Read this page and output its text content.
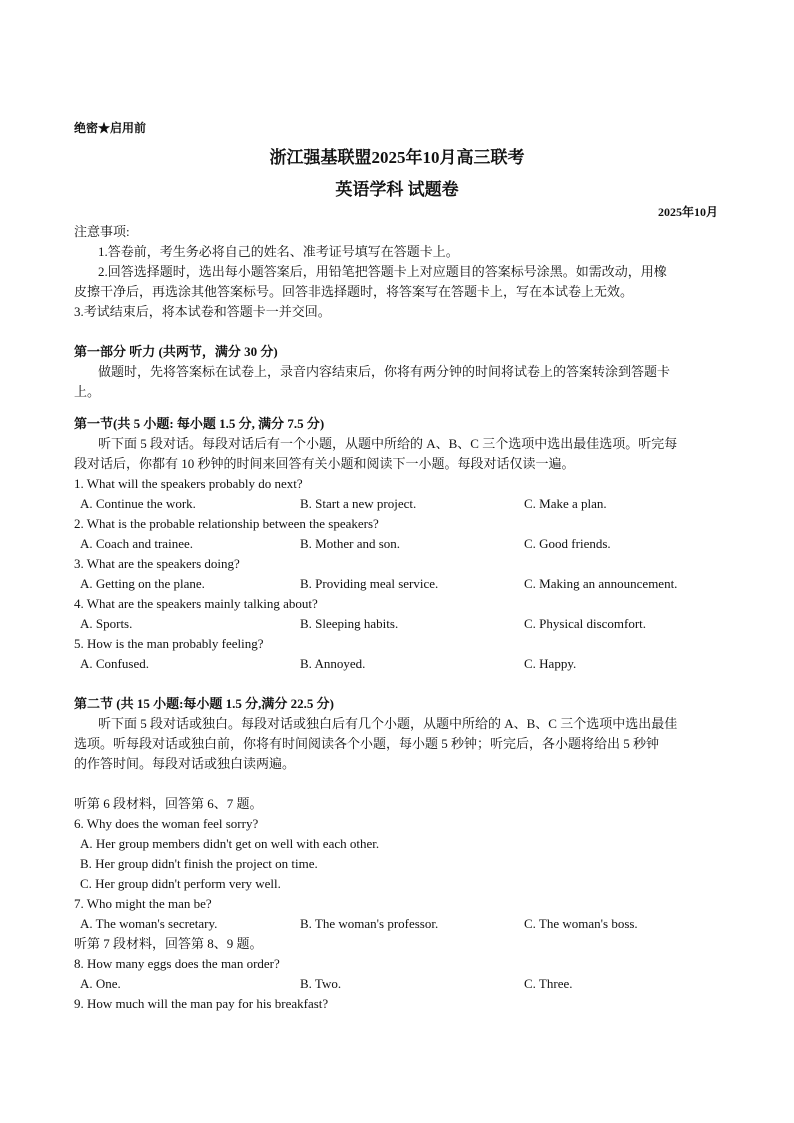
绝密★启用前
浙江强基联盟2025年10月高三联考
英语学科 试题卷
2025年10月
注意事项:
1.答卷前，考生务必将自己的姓名、准考证号填写在答题卡上。
2.回答选择题时，选出每小题答案后，用铅笔把答题卡上对应题目的答案标号涂黑。如需改动，用橡
皮擦干净后，再选涂其他答案标号。回答非选择题时，将答案写在答题卡上，写在本试卷上无效。
3.考试结束后，将本试卷和答题卡一并交回。
第一部分 听力 (共两节，满分 30 分)
做题时，先将答案标在试卷上，录音内容结束后，你将有两分钟的时间将试卷上的答案转涂到答题卡
上。
第一节(共 5 小题: 每小题 1.5 分, 满分 7.5 分)
听下面 5 段对话。每段对话后有一个小题，从题中所给的 A、B、C 三个选项中选出最佳选项。听完每
段对话后，你都有 10 秒钟的时间来回答有关小题和阅读下一小题。每段对话仅读一遍。
1. What will the speakers probably do next?
A. Continue the work.	B. Start a new project.	C. Make a plan.
2. What is the probable relationship between the speakers?
A. Coach and trainee.	B. Mother and son.	C. Good friends.
3. What are the speakers doing?
A. Getting on the plane.	B. Providing meal service.	C. Making an announcement.
4. What are the speakers mainly talking about?
A. Sports.	B. Sleeping habits.	C. Physical discomfort.
5. How is the man probably feeling?
A. Confused.	B. Annoyed.	C. Happy.
第二节 (共 15 小题:每小题 1.5 分,满分 22.5 分)
听下面 5 段对话或独白。每段对话或独白后有几个小题，从题中所给的 A、B、C 三个选项中选出最佳
选项。听每段对话或独白前，你将有时间阅读各个小题，每小题 5 秒钟；听完后，各小题将给出 5 秒钟
的作答时间。每段对话或独白读两遍。
听第 6 段材料，回答第 6、7 题。
6. Why does the woman feel sorry?
A. Her group members didn't get on well with each other.
B. Her group didn't finish the project on time.
C. Her group didn't perform very well.
7. Who might the man be?
A. The woman's secretary.	B. The woman's professor.	C. The woman's boss.
听第 7 段材料，回答第 8、9 题。
8. How many eggs does the man order?
A. One.	B. Two.	C. Three.
9. How much will the man pay for his breakfast?
